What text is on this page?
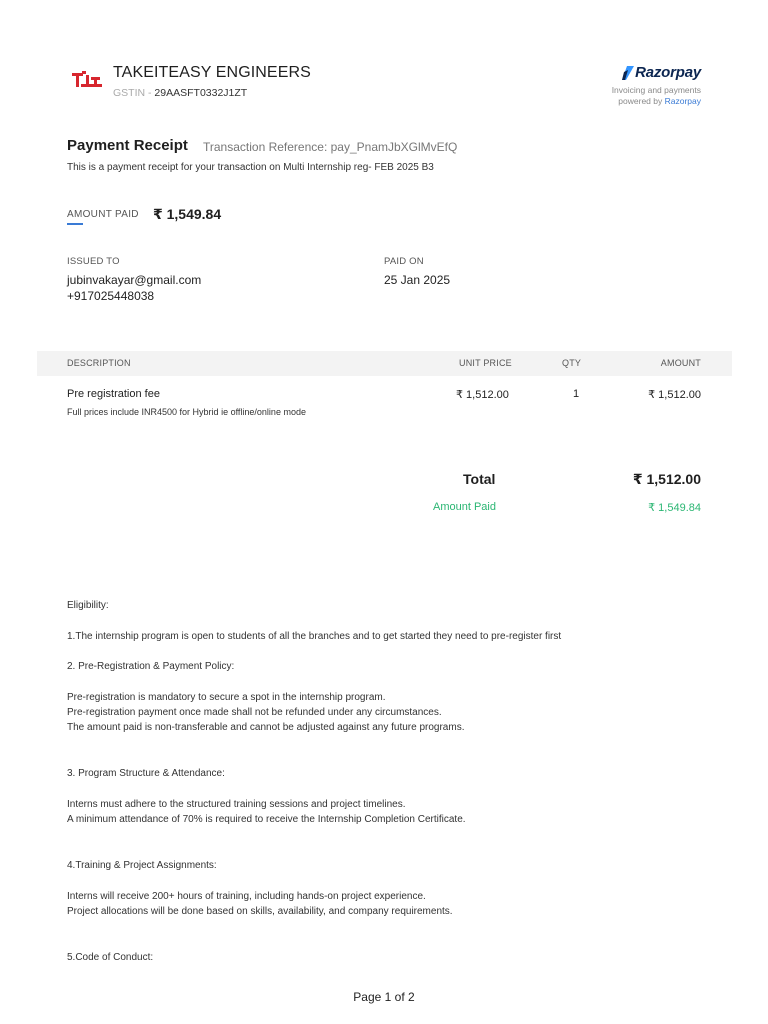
TAKEITEASY ENGINEERS
GSTIN - 29AASFT0332J1ZT
Razorpay
Invoicing and payments
powered by Razorpay
Payment Receipt Transaction Reference: pay_PnamJbXGlMvEfQ
This is a payment receipt for your transaction on Multi Internship reg- FEB 2025 B3
AMOUNT PAID ₹ 1,549.84
ISSUED TO
jubinvakayar@gmail.com
+917025448038
PAID ON
25 Jan 2025
DESCRIPTION	UNIT PRICE	QTY	AMOUNT
Pre registration fee	₹ 1,512.00	1	₹ 1,512.00
Full prices include INR4500 for Hybrid ie offline/online mode
Total	₹ 1,512.00
Amount Paid	₹ 1,549.84

Eligibility:

1.The internship program is open to students of all the branches and to get started they need to pre-register first

2. Pre-Registration & Payment Policy:

Pre-registration is mandatory to secure a spot in the internship program.

Pre-registration payment once made shall not be refunded under any circumstances.

The amount paid is non-transferable and cannot be adjusted against any future programs.

3. Program Structure & Attendance:

Interns must adhere to the structured training sessions and project timelines.

A minimum attendance of 70% is required to receive the Internship Completion Certificate.

4.Training & Project Assignments:

Interns will receive 200+ hours of training, including hands-on project experience.

Project allocations will be done based on skills, availability, and company requirements.

5.Code of Conduct:

Page 1 of 2
